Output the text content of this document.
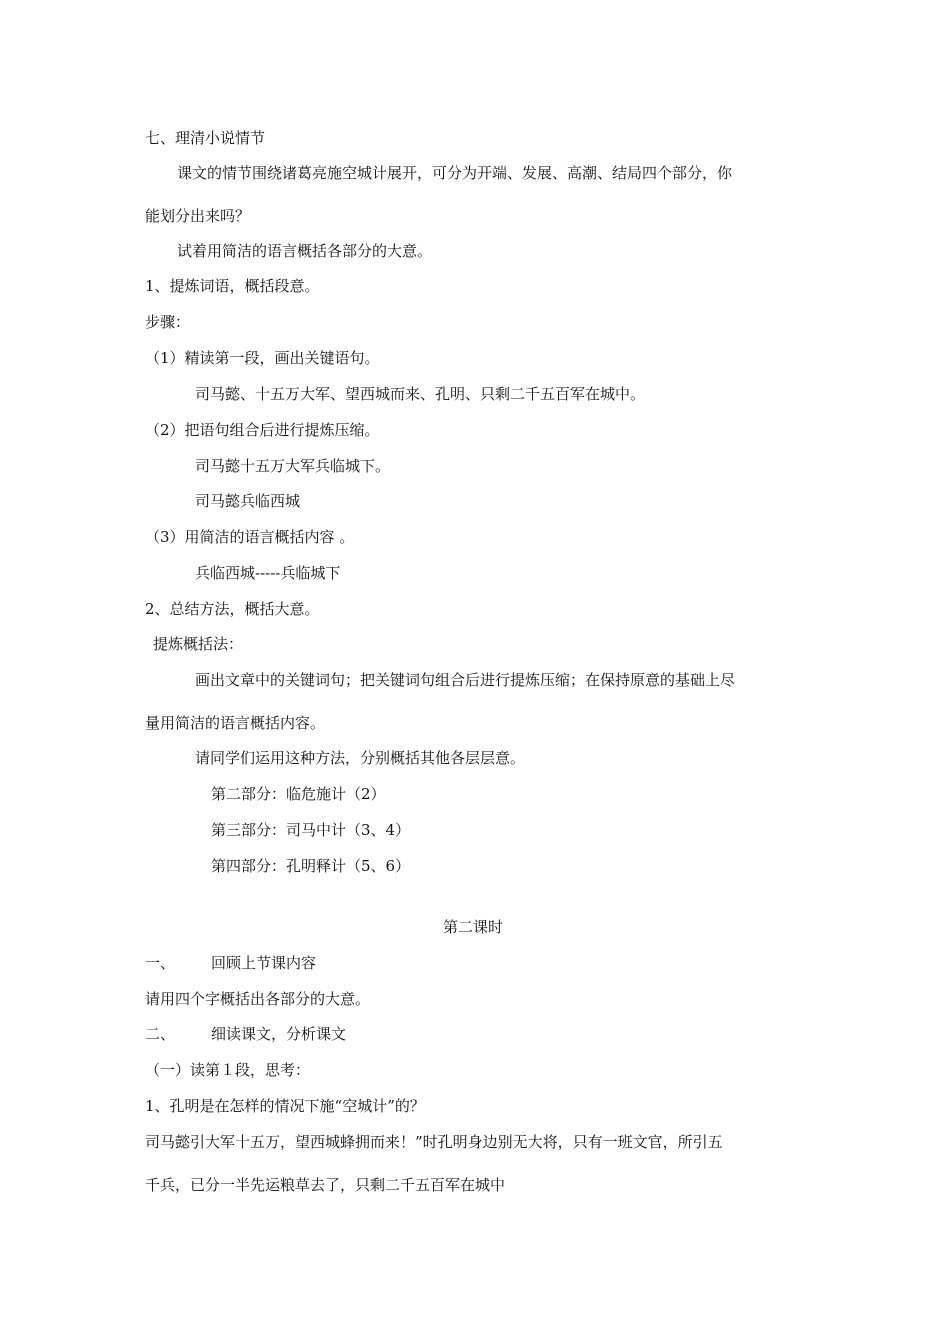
七、理清小说情节
课文的情节围绕诸葛亮施空城计展开，可分为开端、发展、高潮、结局四个部分，你
能划分出来吗？
试着用简洁的语言概括各部分的大意。
1、提炼词语，概括段意。
步骤：
（1）精读第一段，画出关键语句。
司马懿、十五万大军、望西城而来、孔明、只剩二千五百军在城中。
（2）把语句组合后进行提炼压缩。
司马懿十五万大军兵临城下。
司马懿兵临西城
（3）用简洁的语言概括内容 。
兵临西城-----兵临城下
2、总结方法，概括大意。
提炼概括法：
画出文章中的关键词句；把关键词句组合后进行提炼压缩；在保持原意的基础上尽
量用简洁的语言概括内容。
请同学们运用这种方法，分别概括其他各层层意。
第二部分：临危施计（2）
第三部分：司马中计（3、4）
第四部分：孔明释计（5、6）
第二课时
一、 回顾上节课内容
请用四个字概括出各部分的大意。
二、 细读课文，分析课文
（一）读第１段，思考：
1、孔明是在怎样的情况下施“空城计”的？
司马懿引大军十五万，望西城蜂拥而来！”时孔明身边别无大将，只有一班文官，所引五
千兵，已分一半先运粮草去了，只剩二千五百军在城中
